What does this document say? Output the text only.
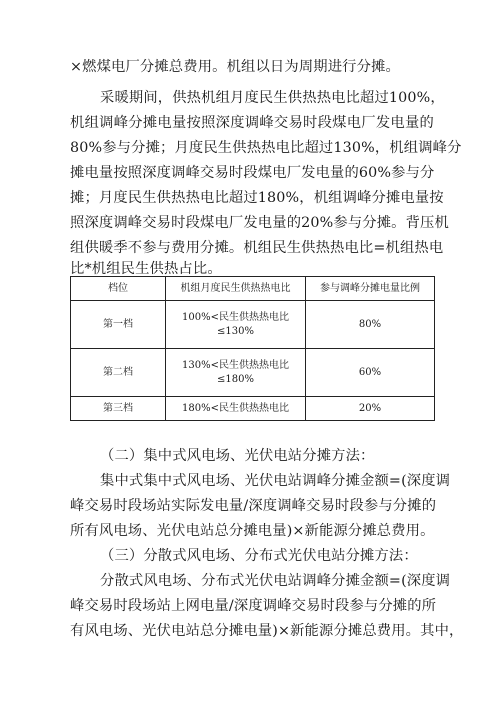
×燃煤电厂分摊总费用。机组以日为周期进行分摊。
采暖期间，供热机组月度民生供热热电比超过100%，
机组调峰分摊电量按照深度调峰交易时段煤电厂发电量的
80%参与分摊；月度民生供热热电比超过130%，机组调峰分
摊电量按照深度调峰交易时段煤电厂发电量的60%参与分
摊；月度民生供热热电比超过180%，机组调峰分摊电量按
照深度调峰交易时段煤电厂发电量的20%参与分摊。背压机
组供暖季不参与费用分摊。机组民生供热热电比=机组热电
比*机组民生供热占比。
档位	机组月度民生供热热电比	参与调峰分摊电量比例
第一档	100%<民生供热热电比
≤130%	80%
第二档	130%<民生供热热电比
≤180%	60%
第三档	180%<民生供热热电比	20%
（二）集中式风电场、光伏电站分摊方法：
集中式集中式风电场、光伏电站调峰分摊金额=(深度调
峰交易时段场站实际发电量/深度调峰交易时段参与分摊的
所有风电场、光伏电站总分摊电量)×新能源分摊总费用。
（三）分散式风电场、分布式光伏电站分摊方法：
分散式风电场、分布式光伏电站调峰分摊金额=(深度调
峰交易时段场站上网电量/深度调峰交易时段参与分摊的所
有风电场、光伏电站总分摊电量)×新能源分摊总费用。其中，
